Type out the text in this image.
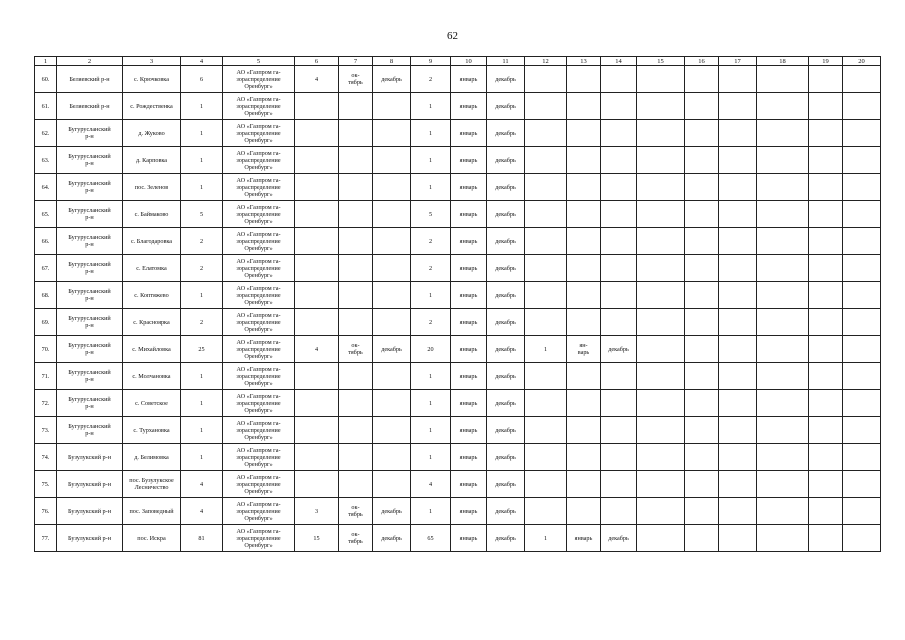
62
1	2	3	4	5	6	7	8	9	10	11	12	13	14	15	16	17	18	19	20
60.	Беляевский р-н	с. Крючковка	6	АО «Газпром га-
зораспределение
Оренбург»	4	ок-
тябрь	декабрь	2	январь	декабрь									
61.	Беляевский р-н	с. Рождественка	1	АО «Газпром га-
зораспределение
Оренбург»				1	январь	декабрь									
62.	Бугурусланский
р-н	д. Жуково	1	АО «Газпром га-
зораспределение
Оренбург»				1	январь	декабрь									
63.	Бугурусланский
р-н	д. Карповка	1	АО «Газпром га-
зораспределение
Оренбург»				1	январь	декабрь									
64.	Бугурусланский
р-н	пос. Зеленов	1	АО «Газпром га-
зораспределение
Оренбург»				1	январь	декабрь									
65.	Бугурусланский
р-н	с. Баймаково	5	АО «Газпром га-
зораспределение
Оренбург»				5	январь	декабрь									
66.	Бугурусланский
р-н	с. Благодаровка	2	АО «Газпром га-
зораспределение
Оренбург»				2	январь	декабрь									
67.	Бугурусланский
р-н	с. Елатомка	2	АО «Газпром га-
зораспределение
Оренбург»				2	январь	декабрь									
68.	Бугурусланский
р-н	с. Коптяжево	1	АО «Газпром га-
зораспределение
Оренбург»				1	январь	декабрь									
69.	Бугурусланский
р-н	с. Красноярка	2	АО «Газпром га-
зораспределение
Оренбург»				2	январь	декабрь									
70.	Бугурусланский
р-н	с. Михайловка	25	АО «Газпром га-
зораспределение
Оренбург»	4	ок-
тябрь	декабрь	20	январь	декабрь	1	ян-
варь	декабрь						
71.	Бугурусланский
р-н	с. Молчановка	1	АО «Газпром га-
зораспределение
Оренбург»				1	январь	декабрь									
72.	Бугурусланский
р-н	с. Советское	1	АО «Газпром га-
зораспределение
Оренбург»				1	январь	декабрь									
73.	Бугурусланский
р-н	с. Турхановка	1	АО «Газпром га-
зораспределение
Оренбург»				1	январь	декабрь									
74.	Бузулукский р-н	д. Белимовка	1	АО «Газпром га-
зораспределение
Оренбург»				1	январь	декабрь									
75.	Бузулукский р-н	пос. Бузулукское
Лесничество	4	АО «Газпром га-
зораспределение
Оренбург»				4	январь	декабрь									
76.	Бузулукский р-н	пос. Заповедный	4	АО «Газпром га-
зораспределение
Оренбург»	3	ок-
тябрь	декабрь	1	январь	декабрь									
77.	Бузулукский р-н	пос. Искра	81	АО «Газпром га-
зораспределение
Оренбург»	15	ок-
тябрь	декабрь	65	январь	декабрь	1	январь	декабрь						
